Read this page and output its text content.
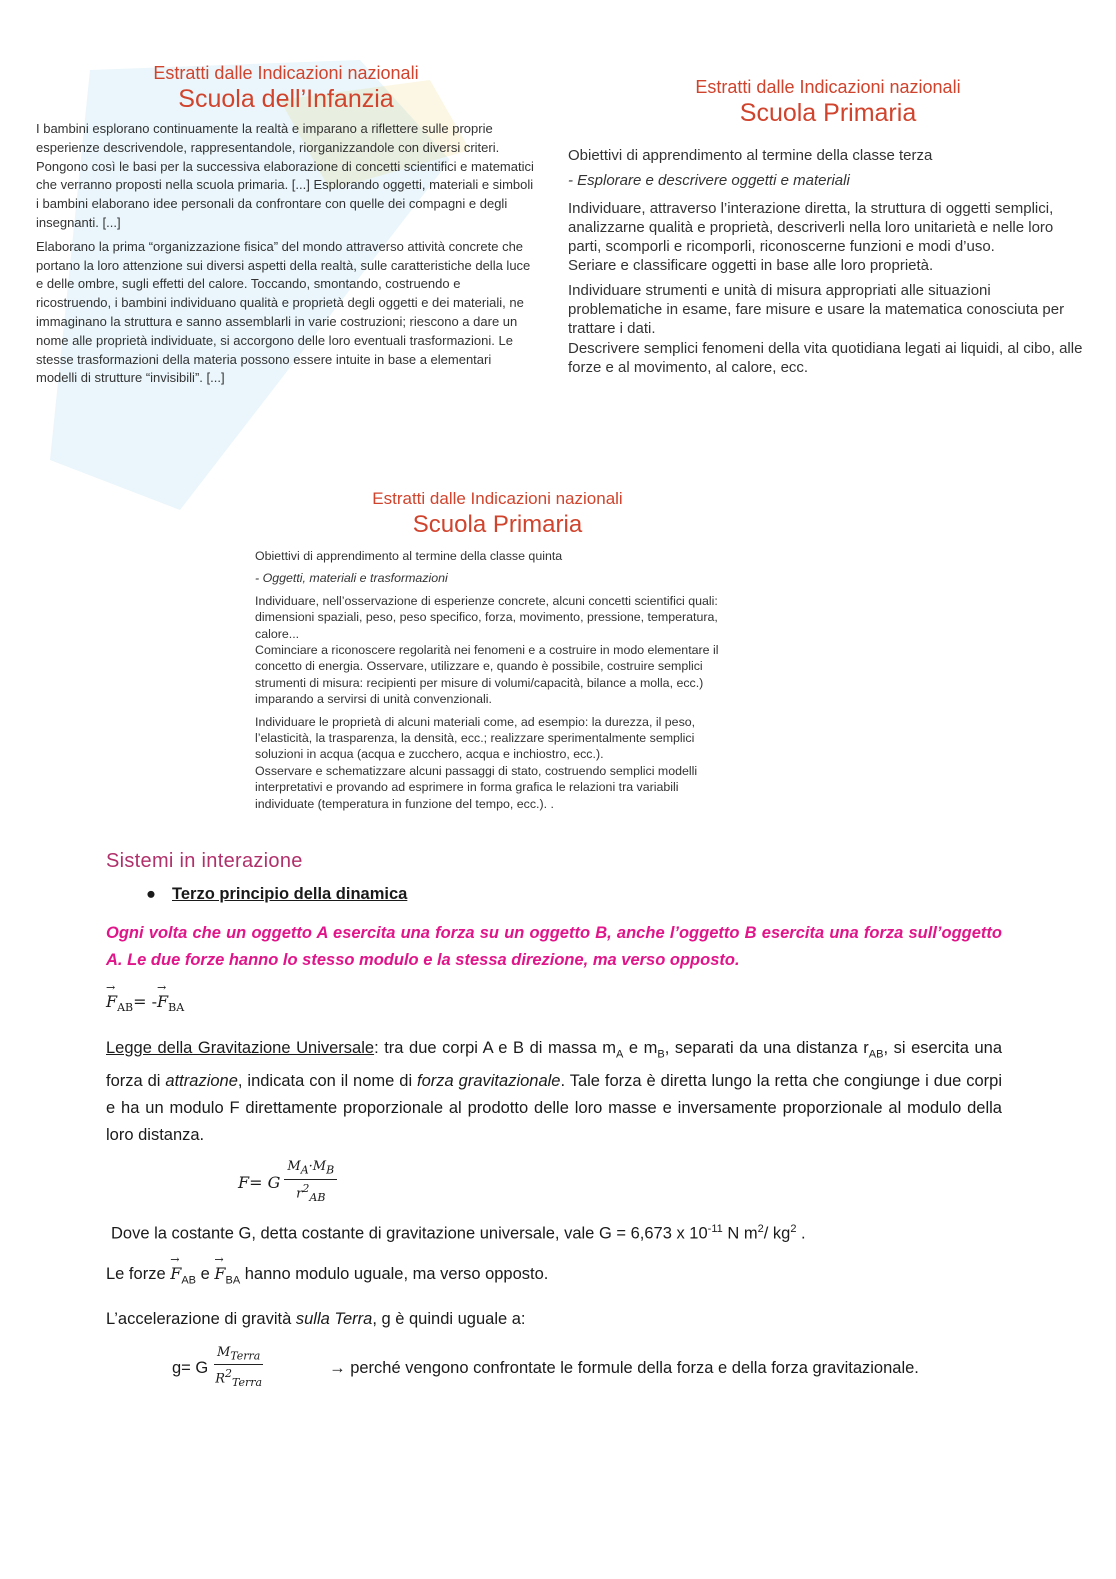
Estratti dalle Indicazioni nazionali
Scuola dell’Infanzia

I bambini esplorano continuamente la realtà e imparano a riflettere sulle proprie esperienze descrivendole, rappresentandole, riorganizzandole con diversi criteri. Pongono così le basi per la successiva elaborazione di concetti scientifici e matematici che verranno proposti nella scuola primaria. [...] Esplorando oggetti, materiali e simboli i bambini elaborano idee personali da confrontare con quelle dei compagni e degli insegnanti. [...]

Elaborano la prima “organizzazione fisica” del mondo attraverso attività concrete che portano la loro attenzione sui diversi aspetti della realtà, sulle caratteristiche della luce e delle ombre, sugli effetti del calore. Toccando, smontando, costruendo e ricostruendo, i bambini individuano qualità e proprietà degli oggetti e dei materiali, ne immaginano la struttura e sanno assemblarli in varie costruzioni; riescono a dare un nome alle proprietà individuate, si accorgono delle loro eventuali trasformazioni. Le stesse trasformazioni della materia possono essere intuite in base a elementari modelli di strutture “invisibili”. [...]

Estratti dalle Indicazioni nazionali
Scuola Primaria

Obiettivi di apprendimento al termine della classe terza

- Esplorare e descrivere oggetti e materiali

Individuare, attraverso l’interazione diretta, la struttura di oggetti semplici, analizzarne qualità e proprietà, descriverli nella loro unitarietà e nelle loro parti, scomporli e ricomporli, riconoscerne funzioni e modi d’uso.

Seriare e classificare oggetti in base alle loro proprietà.

Individuare strumenti e unità di misura appropriati alle situazioni problematiche in esame, fare misure e usare la matematica conosciuta per trattare i dati.

Descrivere semplici fenomeni della vita quotidiana legati ai liquidi, al cibo, alle forze e al movimento, al calore, ecc.

Estratti dalle Indicazioni nazionali
Scuola Primaria

Obiettivi di apprendimento al termine della classe quinta

- Oggetti, materiali e trasformazioni

Individuare, nell’osservazione di esperienze concrete, alcuni concetti scientifici quali: dimensioni spaziali, peso, peso specifico, forza, movimento, pressione, temperatura, calore...

Cominciare a riconoscere regolarità nei fenomeni e a costruire in modo elementare il concetto di energia. Osservare, utilizzare e, quando è possibile, costruire semplici strumenti di misura: recipienti per misure di volumi/capacità, bilance a molla, ecc.) imparando a servirsi di unità convenzionali.

Individuare le proprietà di alcuni materiali come, ad esempio: la durezza, il peso, l’elasticità, la trasparenza, la densità, ecc.; realizzare sperimentalmente semplici soluzioni in acqua (acqua e zucchero, acqua e inchiostro, ecc.).

Osservare e schematizzare alcuni passaggi di stato, costruendo semplici modelli interpretativi e provando ad esprimere in forma grafica le relazioni tra variabili individuate (temperatura in funzione del tempo, ecc.). .

Sistemi in interazione
● Terzo principio della dinamica

Ogni volta che un oggetto A esercita una forza su un oggetto B, anche l’oggetto B esercita una forza sull’oggetto A. Le due forze hanno lo stesso modulo e la stessa direzione, ma verso opposto.

→ $F_{AB}= -\to F_{BA}$

Legge della Gravitazione Universale: tra due corpi A e B di massa $m_A$ e $m_B$, separati da una distanza $r_{AB}$, si esercita una forza di attrazione, indicata con il nome di forza gravitazionale. Tale forza è diretta lungo la retta che congiunge i due corpi e ha un modulo F direttamente proporzionale al prodotto delle loro masse e inversamente proporzionale al modulo della loro distanza.

F= G $\frac{M_A\cdot M_B}{r^2_{AB}}$

Dove la costante G, detta costante di gravitazione universale, vale G = 6,673 x $10^{-11}$ N $m^2/$ $kg^2$ .

Le forze → $F_{AB}$ $e \to F_{BA}$ hanno modulo uguale, ma verso opposto.

L’accelerazione di gravità sulla Terra, g è quindi uguale a:

g= G $\frac{M_{Terra}}{R^2_{Terra}}$	→ perché vengono confrontate le formule della forza e della forza gravitazionale.
